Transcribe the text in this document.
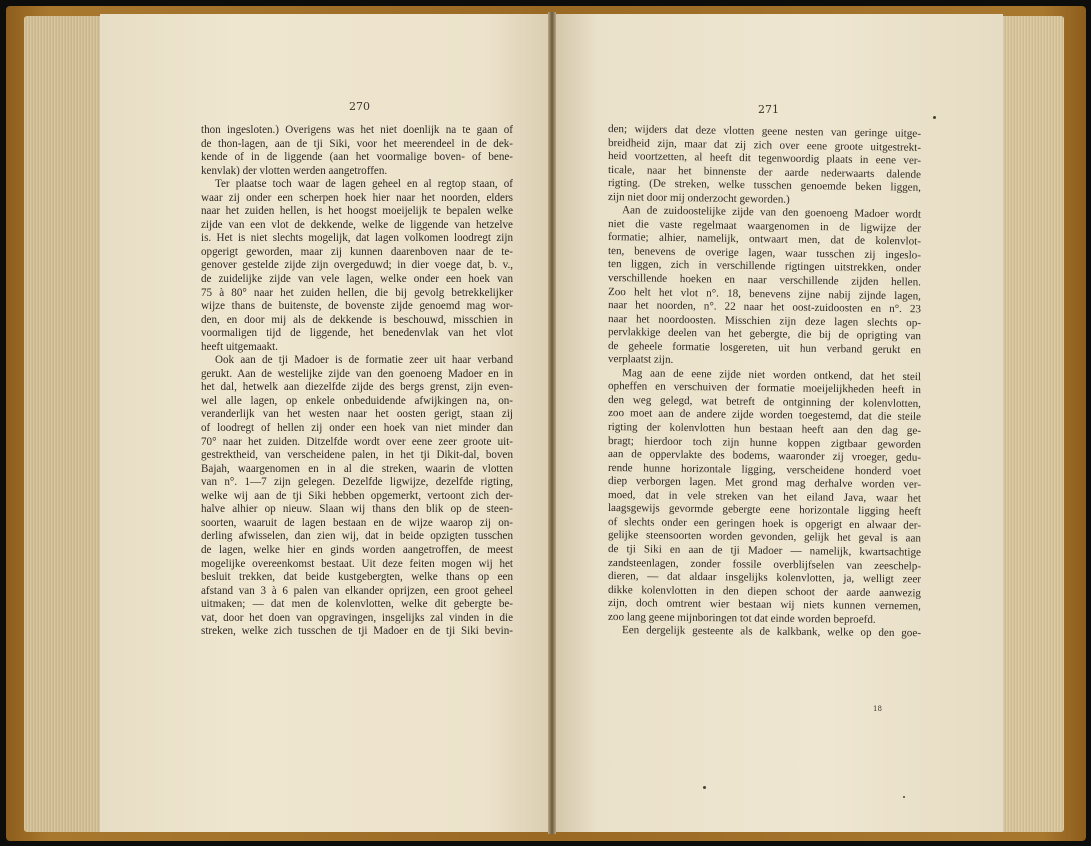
270
thon ingesloten.) Overigens was het niet doenlijk na te gaan of
de thon-lagen, aan de tji Siki, voor het meerendeel in de dek-
kende of in de liggende (aan het voormalige boven- of bene-
kenvlak) der vlotten werden aangetroffen.
Ter plaatse toch waar de lagen geheel en al regtop staan, of
waar zij onder een scherpen hoek hier naar het noorden, elders
naar het zuiden hellen, is het hoogst moeijelijk te bepalen welke
zijde van een vlot de dekkende, welke de liggende van hetzelve
is. Het is niet slechts mogelijk, dat lagen volkomen loodregt zijn
opgerigt geworden, maar zij kunnen daarenboven naar de te-
genover gestelde zijde zijn overgeduwd; in dier voege dat, b. v.,
de zuidelijke zijde van vele lagen, welke onder een hoek van
75 à 80° naar het zuiden hellen, die bij gevolg betrekkelijker
wijze thans de buitenste, de bovenste zijde genoemd mag wor-
den, en door mij als de dekkende is beschouwd, misschien in
voormaligen tijd de liggende, het benedenvlak van het vlot
heeft uitgemaakt.
Ook aan de tji Madoer is de formatie zeer uit haar verband
gerukt. Aan de westelijke zijde van den goenoeng Madoer en in
het dal, hetwelk aan diezelfde zijde des bergs grenst, zijn even-
wel alle lagen, op enkele onbeduidende afwijkingen na, on-
veranderlijk van het westen naar het oosten gerigt, staan zij
of loodregt of hellen zij onder een hoek van niet minder dan
70° naar het zuiden. Ditzelfde wordt over eene zeer groote uit-
gestrektheid, van verscheidene palen, in het tji Dikit-dal, boven
Bajah, waargenomen en in al die streken, waarin de vlotten
van n°. 1—7 zijn gelegen. Dezelfde ligwijze, dezelfde rigting,
welke wij aan de tji Siki hebben opgemerkt, vertoont zich der-
halve alhier op nieuw. Slaan wij thans den blik op de steen-
soorten, waaruit de lagen bestaan en de wijze waarop zij on-
derling afwisselen, dan zien wij, dat in beide opzigten tusschen
de lagen, welke hier en ginds worden aangetroffen, de meest
mogelijke overeenkomst bestaat. Uit deze feiten mogen wij het
besluit trekken, dat beide kustgebergten, welke thans op een
afstand van 3 à 6 palen van elkander oprijzen, een groot geheel
uitmaken; — dat men de kolenvlotten, welke dit gebergte be-
vat, door het doen van opgravingen, insgelijks zal vinden in die
streken, welke zich tusschen de tji Madoer en de tji Siki bevin-
271
den; wijders dat deze vlotten geene nesten van geringe uitge-
breidheid zijn, maar dat zij zich over eene groote uitgestrekt-
heid voortzetten, al heeft dit tegenwoordig plaats in eene ver-
ticale, naar het binnenste der aarde nederwaarts dalende
rigting. (De streken, welke tusschen genoemde beken liggen,
zijn niet door mij onderzocht geworden.)
Aan de zuidoostelijke zijde van den goenoeng Madoer wordt
niet die vaste regelmaat waargenomen in de ligwijze der
formatie; alhier, namelijk, ontwaart men, dat de kolenvlot-
ten, benevens de overige lagen, waar tusschen zij ingeslo-
ten liggen, zich in verschillende rigtingen uitstrekken, onder
verschillende hoeken en naar verschillende zijden hellen.
Zoo helt het vlot n°. 18, benevens zijne nabij zijnde lagen,
naar het noorden, n°. 22 naar het oost-zuidoosten en n°. 23
naar het noordoosten. Misschien zijn deze lagen slechts op-
pervlakkige deelen van het gebergte, die bij de oprigting van
de geheele formatie losgereten, uit hun verband gerukt en
verplaatst zijn.
Mag aan de eene zijde niet worden ontkend, dat het steil
opheffen en verschuiven der formatie moeijelijkheden heeft in
den weg gelegd, wat betreft de ontginning der kolenvlotten,
zoo moet aan de andere zijde worden toegestemd, dat die steile
rigting der kolenvlotten hun bestaan heeft aan den dag ge-
bragt; hierdoor toch zijn hunne koppen zigtbaar geworden
aan de oppervlakte des bodems, waaronder zij vroeger, gedu-
rende hunne horizontale ligging, verscheidene honderd voet
diep verborgen lagen. Met grond mag derhalve worden ver-
moed, dat in vele streken van het eiland Java, waar het
laagsgewijs gevormde gebergte eene horizontale ligging heeft
of slechts onder een geringen hoek is opgerigt en alwaar der-
gelijke steensoorten worden gevonden, gelijk het geval is aan
de tji Siki en aan de tji Madoer — namelijk, kwartsachtige
zandsteenlagen, zonder fossile overblijfselen van zeeschelp-
dieren, — dat aldaar insgelijks kolenvlotten, ja, welligt zeer
dikke kolenvlotten in den diepen schoot der aarde aanwezig
zijn, doch omtrent wier bestaan wij niets kunnen vernemen,
zoo lang geene mijnboringen tot dat einde worden beproefd.
Een dergelijk gesteente als de kalkbank, welke op den goe-
18
